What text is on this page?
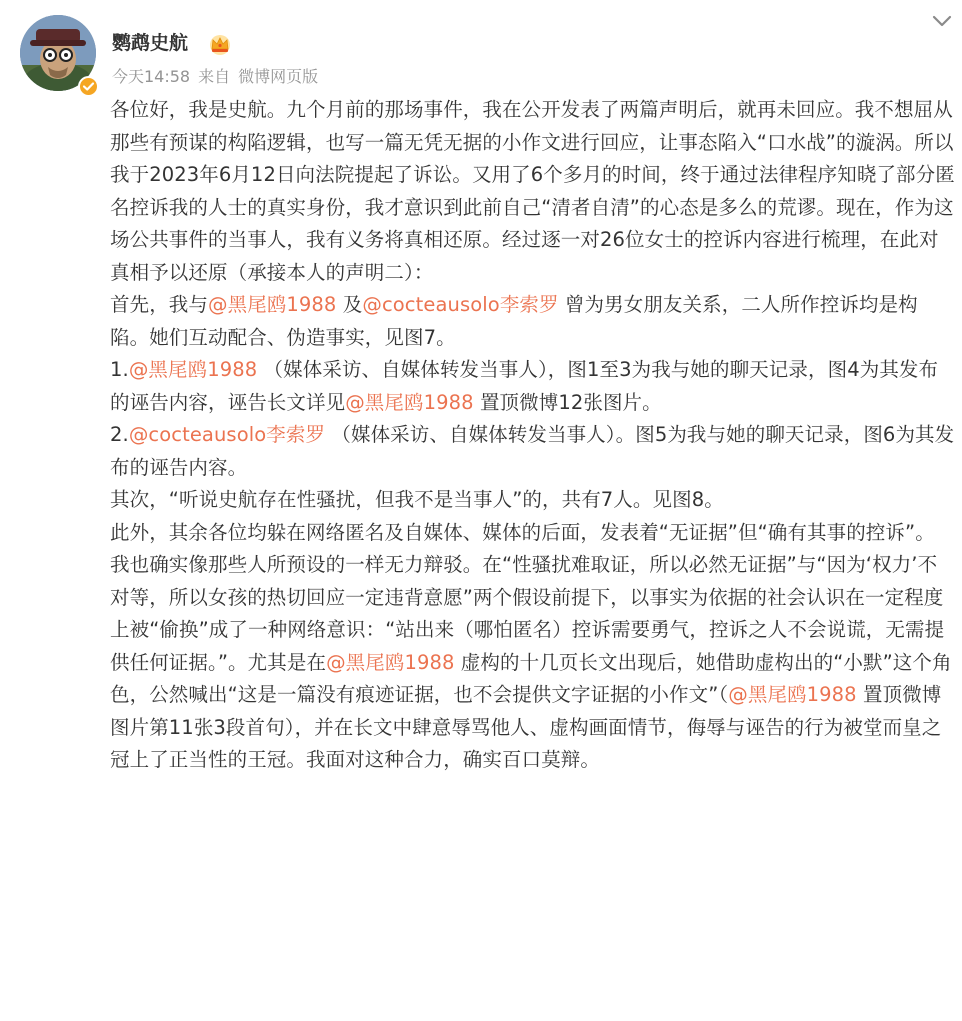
鹦鹉史航
今天14:58 来自 微博网页版

各位好，我是史航。九个月前的那场事件，我在公开发表了两篇声明后，就再未回应。我不想屈从那些有预谋的构陷逻辑，也写一篇无凭无据的小作文进行回应，让事态陷入“口水战”的漩涡。所以我于2023年6月12日向法院提起了诉讼。又用了6个多月的时间，终于通过法律程序知晓了部分匿名控诉我的人士的真实身份，我才意识到此前自己“清者自清”的心态是多么的荒谬。现在，作为这场公共事件的当事人，我有义务将真相还原。经过逐一对26位女士的控诉内容进行梳理，在此对真相予以还原（承接本人的声明二）：

首先，我与@黑尾鸥1988 及@cocteausolo李索罗 曾为男女朋友关系，二人所作控诉均是构陷。她们互动配合、伪造事实，见图7。

1.@黑尾鸥1988 （媒体采访、自媒体转发当事人），图1至3为我与她的聊天记录，图4为其发布的诬告内容，诬告长文详见@黑尾鸥1988 置顶微博12张图片。

2.@cocteausolo李索罗 （媒体采访、自媒体转发当事人）。图5为我与她的聊天记录，图6为其发布的诬告内容。

其次，“听说史航存在性骚扰，但我不是当事人”的，共有7人。见图8。

此外，其余各位均躲在网络匿名及自媒体、媒体的后面，发表着“无证据”但“确有其事的控诉”。

我也确实像那些人所预设的一样无力辩驳。在“性骚扰难取证，所以必然无证据”与“因为‘权力’不对等，所以女孩的热切回应一定违背意愿”两个假设前提下，以事实为依据的社会认识在一定程度上被“偷换”成了一种网络意识：“站出来（哪怕匿名）控诉需要勇气，控诉之人不会说谎，无需提供任何证据。”。尤其是在@黑尾鸥1988 虚构的十几页长文出现后，她借助虚构出的“小默”这个角色，公然喊出“这是一篇没有痕迹证据，也不会提供文字证据的小作文”（@黑尾鸥1988 置顶微博图片第11张3段首句），并在长文中肆意辱骂他人、虚构画面情节，侮辱与诬告的行为被堂而皇之冠上了正当性的王冠。我面对这种合力，确实百口莫辩。
